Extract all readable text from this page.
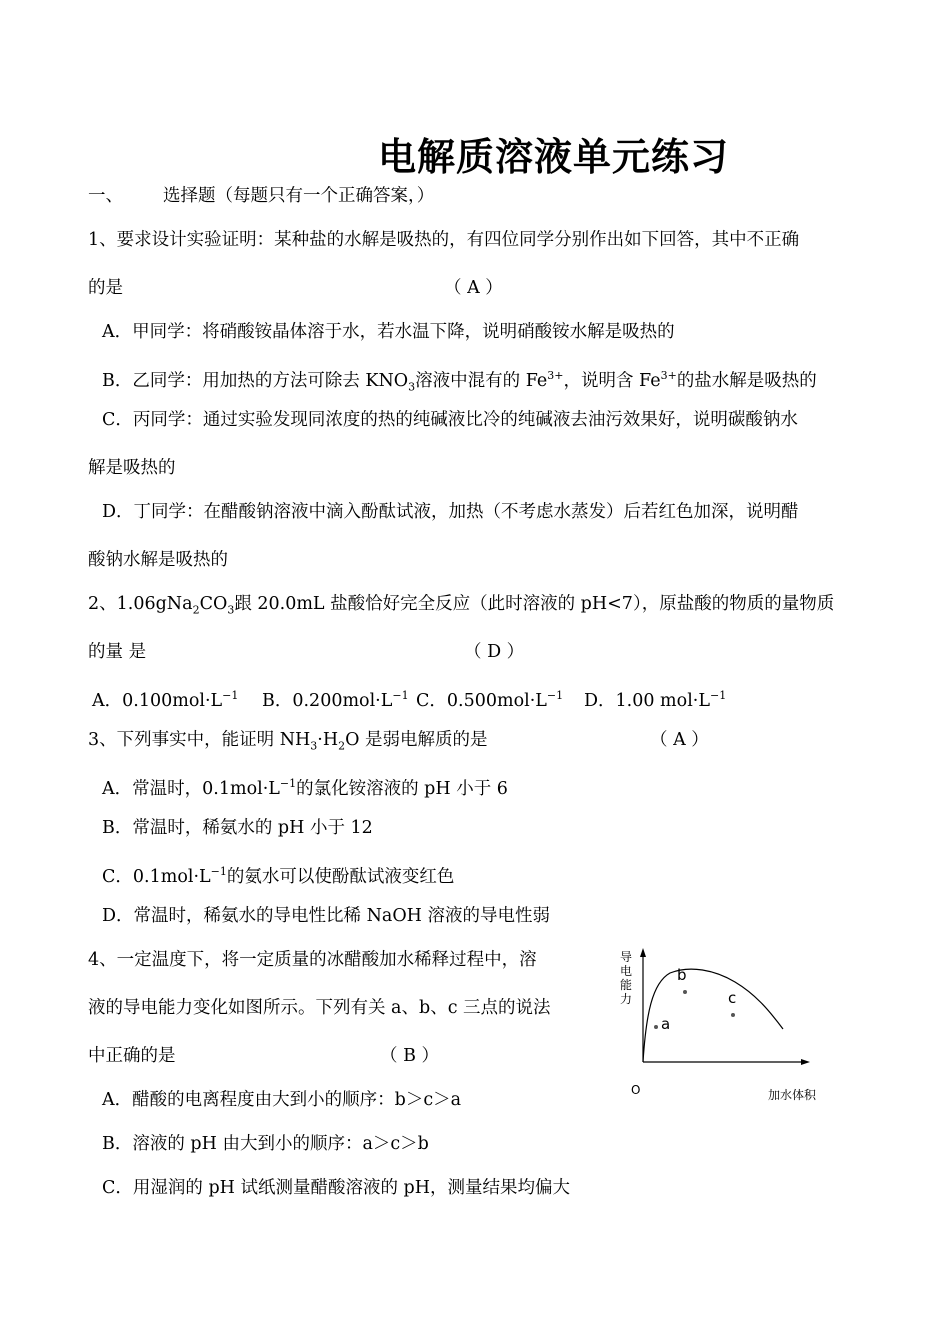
电解质溶液单元练习
一、 选择题（每题只有一个正确答案，）
1、要求设计实验证明：某种盐的水解是吸热的，有四位同学分别作出如下回答，其中不正确
的是	（ A ）
A．甲同学：将硝酸铵晶体溶于水，若水温下降，说明硝酸铵水解是吸热的
B．乙同学：用加热的方法可除去 $KNO_3$溶液中混有的 $Fe^{3+}$，说明含 $Fe^{3+}$的盐水解是吸热的
C．丙同学：通过实验发现同浓度的热的纯碱液比冷的纯碱液去油污效果好，说明碳酸钠水
解是吸热的
D．丁同学：在醋酸钠溶液中滴入酚酞试液，加热（不考虑水蒸发）后若红色加深，说明醋
酸钠水解是吸热的
2、$1.06gNa_2CO_3$跟 20.0mL 盐酸恰好完全反应（此时溶液的 pH<7），原盐酸的物质的量物质
的量 是	（ D ）
A．$0.100mol\cdot L^{-1}$ B．$0.200mol\cdot L^{-1}$ C．$0.500mol\cdot L^{-1}$ D．1.00 $mol\cdot L^{-1}$
3、下列事实中，能证明 $NH_3\cdot H_2O$ 是弱电解质的是	（ A ）
A．常温时，$0.1mol\cdot L^{-1}$的氯化铵溶液的 pH 小于 6
B．常温时，稀氨水的 pH 小于 12
C．$0.1mol\cdot L^{-1}$的氨水可以使酚酞试液变红色
D．常温时，稀氨水的导电性比稀 NaOH 溶液的导电性弱
4、一定温度下，将一定质量的冰醋酸加水稀释过程中，溶
液的导电能力变化如图所示。下列有关 a、b、c 三点的说法
中正确的是	（ B ）
A．醋酸的电离程度由大到小的顺序：b＞c＞a
B．溶液的 pH 由大到小的顺序：a＞c＞b
C．用湿润的 pH 试纸测量醋酸溶液的 pH，测量结果均偏大
导
电
能
力
a
b
c
O	加水体积
